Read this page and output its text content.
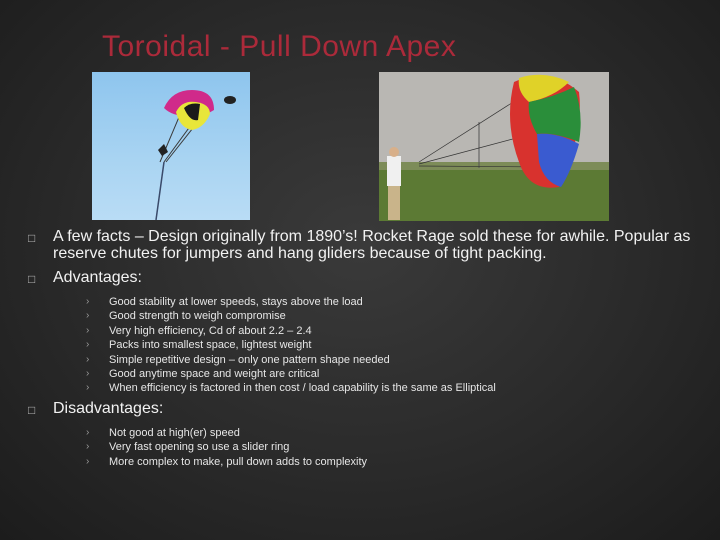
Toroidal - Pull Down Apex
□ A few facts – Design originally from 1890’s! Rocket Rage sold these for awhile. Popular as reserve chutes for jumpers and hang gliders because of tight packing.
□ Advantages:
› Good stability at lower speeds, stays above the load
› Good strength to weigh compromise
› Very high efficiency, Cd of about 2.2 – 2.4
› Packs into smallest space, lightest weight
› Simple repetitive design – only one pattern shape needed
› Good anytime space and weight are critical
› When efficiency is factored in then cost / load capability is the same as Elliptical
□ Disadvantages:
› Not good at high(er) speed
› Very fast opening so use a slider ring
› More complex to make, pull down adds to complexity
